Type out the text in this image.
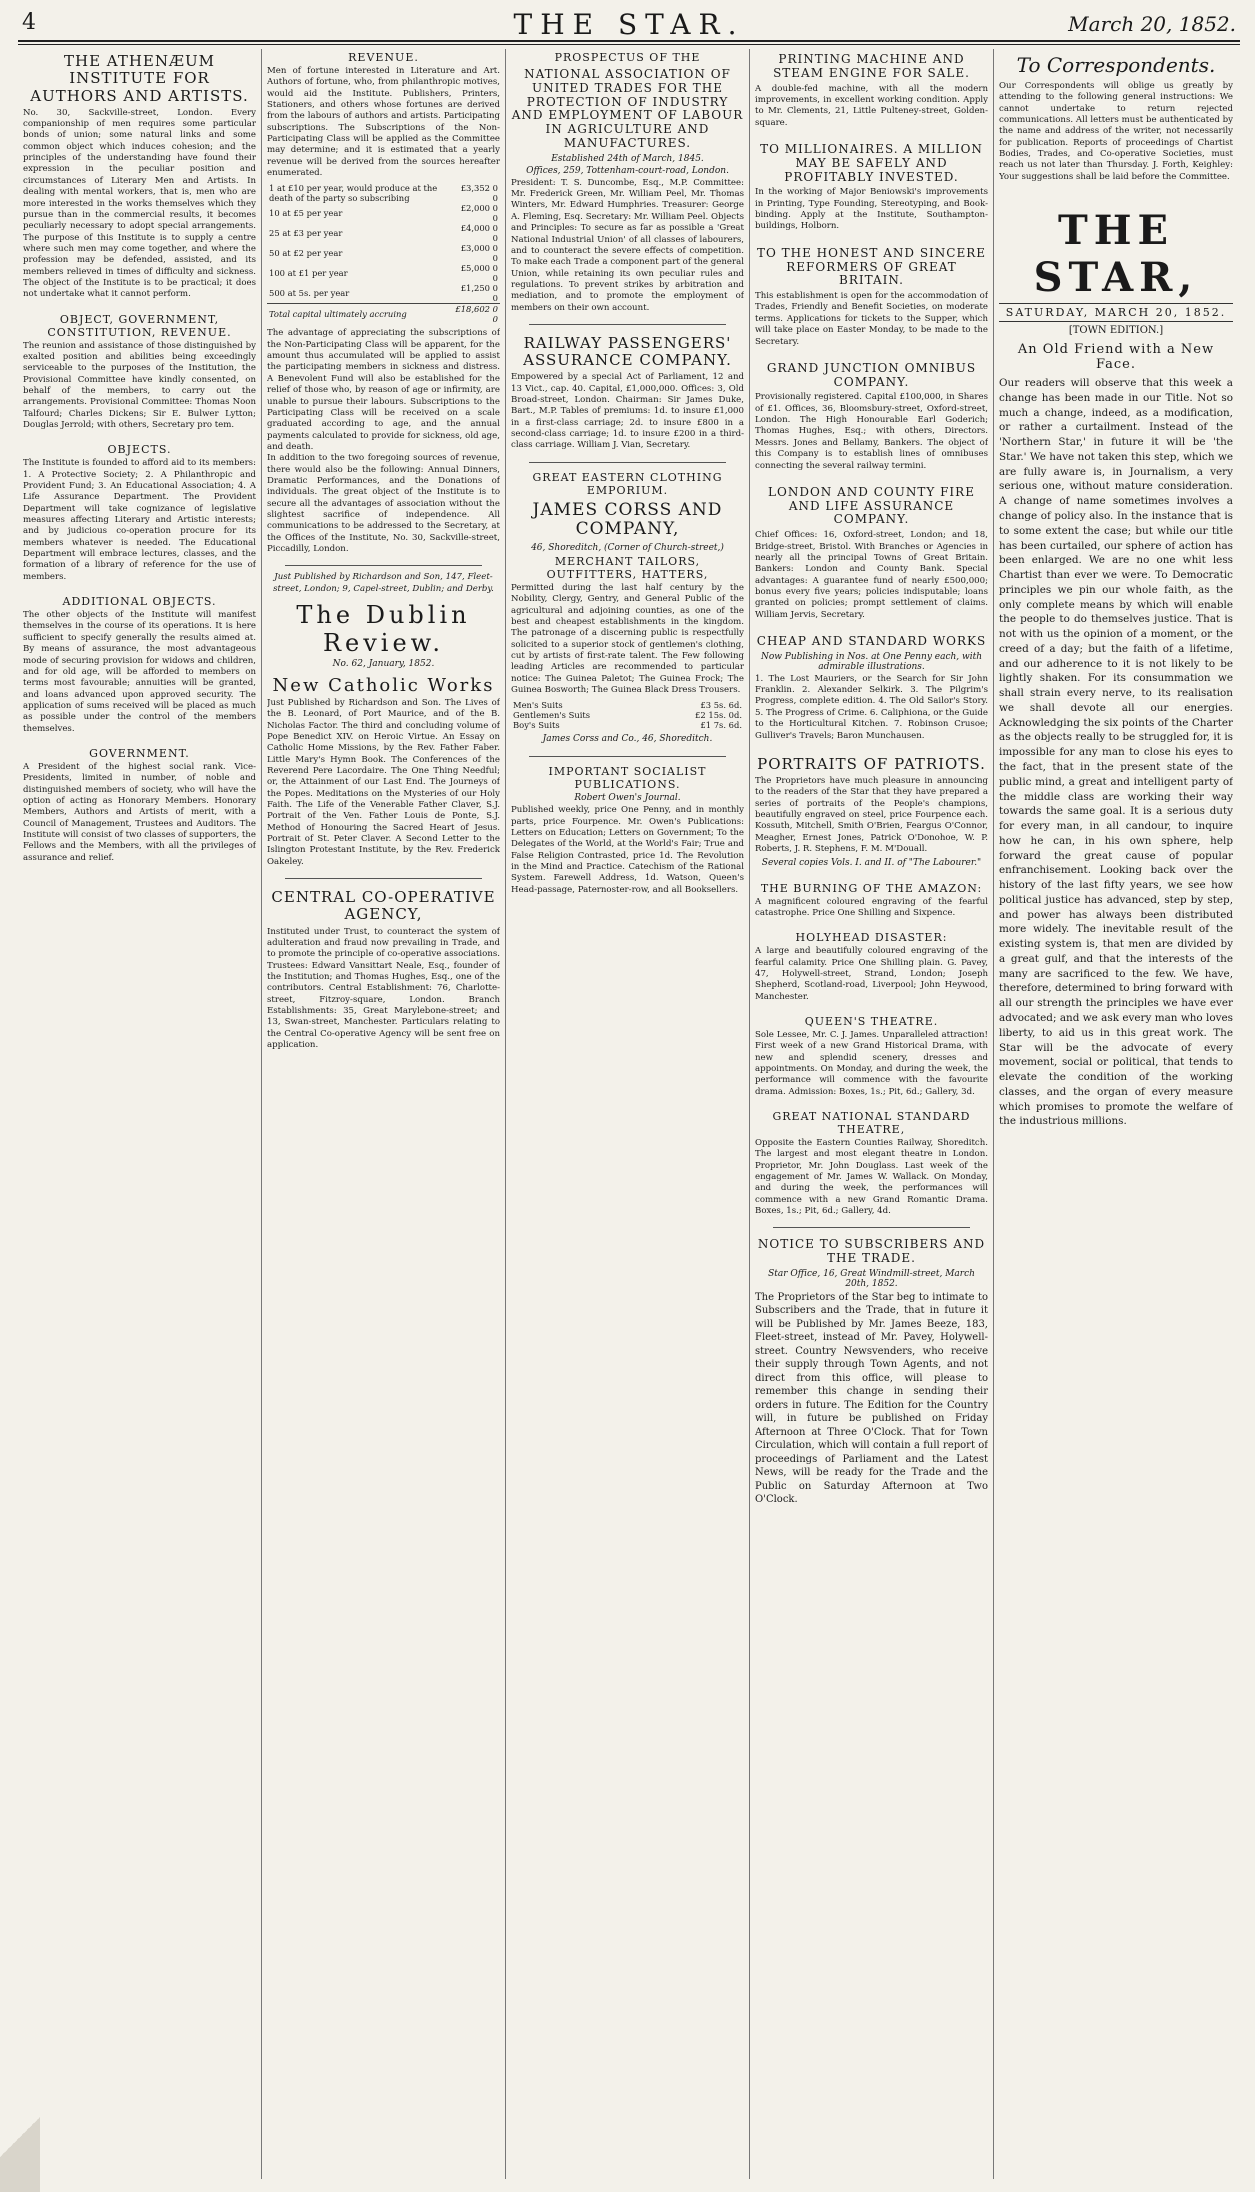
4	THE STAR.	March 20, 1852.
THE ATHENÆUM INSTITUTE FOR AUTHORS AND ARTISTS.

No. 30, Sackville-street, London. Every companionship of men requires some particular bonds of union; some natural links and some common object which induces cohesion; and the principles of the understanding have found their expression in the peculiar position and circumstances of Literary Men and Artists. In dealing with mental workers, that is, men who are more interested in the works themselves which they pursue than in the commercial results, it becomes peculiarly necessary to adopt special arrangements. The purpose of this Institute is to supply a centre where such men may come together, and where the profession may be defended, assisted, and its members relieved in times of difficulty and sickness. The object of the Institute is to be practical; it does not undertake what it cannot perform.

OBJECT, GOVERNMENT, CONSTITUTION, REVENUE.

The reunion and assistance of those distinguished by exalted position and abilities being exceedingly serviceable to the purposes of the Institution, the Provisional Committee have kindly consented, on behalf of the members, to carry out the arrangements. Provisional Committee: Thomas Noon Talfourd; Charles Dickens; Sir E. Bulwer Lytton; Douglas Jerrold; with others, Secretary pro tem.

OBJECTS.

The Institute is founded to afford aid to its members: 1. A Protective Society; 2. A Philanthropic and Provident Fund; 3. An Educational Association; 4. A Life Assurance Department. The Provident Department will take cognizance of legislative measures affecting Literary and Artistic interests; and by judicious co-operation procure for its members whatever is needed. The Educational Department will embrace lectures, classes, and the formation of a library of reference for the use of members.

ADDITIONAL OBJECTS.

The other objects of the Institute will manifest themselves in the course of its operations. It is here sufficient to specify generally the results aimed at. By means of assurance, the most advantageous mode of securing provision for widows and children, and for old age, will be afforded to members on terms most favourable; annuities will be granted, and loans advanced upon approved security. The application of sums received will be placed as much as possible under the control of the members themselves.

GOVERNMENT.

A President of the highest social rank. Vice-Presidents, limited in number, of noble and distinguished members of society, who will have the option of acting as Honorary Members. Honorary Members, Authors and Artists of merit, with a Council of Management, Trustees and Auditors. The Institute will consist of two classes of supporters, the Fellows and the Members, with all the privileges of assurance and relief.

REVENUE.

Men of fortune interested in Literature and Art. Authors of fortune, who, from philanthropic motives, would aid the Institute. Publishers, Printers, Stationers, and others whose fortunes are derived from the labours of authors and artists. Participating subscriptions. The Subscriptions of the Non-Participating Class will be applied as the Committee may determine; and it is estimated that a yearly revenue will be derived from the sources hereafter enumerated.

1 at £10 per year, would produce at the death of the party so subscribing	£3,352 0 0
10 at £5 per year	£2,000 0 0
25 at £3 per year	£4,000 0 0
50 at £2 per year	£3,000 0 0
100 at £1 per year	£5,000 0 0
500 at 5s. per year	£1,250 0 0
Total capital ultimately accruing	£18,602 0 0

The advantage of appreciating the subscriptions of the Non-Participating Class will be apparent, for the amount thus accumulated will be applied to assist the participating members in sickness and distress. A Benevolent Fund will also be established for the relief of those who, by reason of age or infirmity, are unable to pursue their labours. Subscriptions to the Participating Class will be received on a scale graduated according to age, and the annual payments calculated to provide for sickness, old age, and death.

In addition to the two foregoing sources of revenue, there would also be the following: Annual Dinners, Dramatic Performances, and the Donations of individuals. The great object of the Institute is to secure all the advantages of association without the slightest sacrifice of independence. All communications to be addressed to the Secretary, at the Offices of the Institute, No. 30, Sackville-street, Piccadilly, London.

Just Published by Richardson and Son, 147, Fleet-street, London; 9, Capel-street, Dublin; and Derby.

The Dublin Review.
No. 62, January, 1852.
New Catholic Works

Just Published by Richardson and Son. The Lives of the B. Leonard, of Port Maurice, and of the B. Nicholas Factor. The third and concluding volume of Pope Benedict XIV. on Heroic Virtue. An Essay on Catholic Home Missions, by the Rev. Father Faber. Little Mary's Hymn Book. The Conferences of the Reverend Pere Lacordaire. The One Thing Needful; or, the Attainment of our Last End. The Journeys of the Popes. Meditations on the Mysteries of our Holy Faith. The Life of the Venerable Father Claver, S.J. Portrait of the Ven. Father Louis de Ponte, S.J. Method of Honouring the Sacred Heart of Jesus. Portrait of St. Peter Claver. A Second Letter to the Islington Protestant Institute, by the Rev. Frederick Oakeley.

CENTRAL CO-OPERATIVE AGENCY,

Instituted under Trust, to counteract the system of adulteration and fraud now prevailing in Trade, and to promote the principle of co-operative associations. Trustees: Edward Vansittart Neale, Esq., founder of the Institution; and Thomas Hughes, Esq., one of the contributors. Central Establishment: 76, Charlotte-street, Fitzroy-square, London. Branch Establishments: 35, Great Marylebone-street; and 13, Swan-street, Manchester. Particulars relating to the Central Co-operative Agency will be sent free on application.

PROSPECTUS OF THE
NATIONAL ASSOCIATION OF UNITED TRADES FOR THE PROTECTION OF INDUSTRY AND EMPLOYMENT OF LABOUR IN AGRICULTURE AND MANUFACTURES.
Established 24th of March, 1845.
Offices, 259, Tottenham-court-road, London.

President: T. S. Duncombe, Esq., M.P. Committee: Mr. Frederick Green, Mr. William Peel, Mr. Thomas Winters, Mr. Edward Humphries. Treasurer: George A. Fleming, Esq. Secretary: Mr. William Peel. Objects and Principles: To secure as far as possible a 'Great National Industrial Union' of all classes of labourers, and to counteract the severe effects of competition. To make each Trade a component part of the general Union, while retaining its own peculiar rules and regulations. To prevent strikes by arbitration and mediation, and to promote the employment of members on their own account.

RAILWAY PASSENGERS' ASSURANCE COMPANY.

Empowered by a special Act of Parliament, 12 and 13 Vict., cap. 40. Capital, £1,000,000. Offices: 3, Old Broad-street, London. Chairman: Sir James Duke, Bart., M.P. Tables of premiums: 1d. to insure £1,000 in a first-class carriage; 2d. to insure £800 in a second-class carriage; 1d. to insure £200 in a third-class carriage. William J. Vian, Secretary.

GREAT EASTERN CLOTHING EMPORIUM.
JAMES CORSS AND COMPANY,
46, Shoreditch, (Corner of Church-street,)
MERCHANT TAILORS, OUTFITTERS, HATTERS,

Permitted during the last half century by the Nobility, Clergy, Gentry, and General Public of the agricultural and adjoining counties, as one of the best and cheapest establishments in the kingdom. The patronage of a discerning public is respectfully solicited to a superior stock of gentlemen's clothing, cut by artists of first-rate talent. The Few following leading Articles are recommended to particular notice: The Guinea Paletot; The Guinea Frock; The Guinea Bosworth; The Guinea Black Dress Trousers.

Men's Suits	£3 5s. 6d.
Gentlemen's Suits	£2 15s. 0d.
Boy's Suits	£1 7s. 6d.
James Corss and Co., 46, Shoreditch.
IMPORTANT SOCIALIST PUBLICATIONS.
Robert Owen's Journal.

Published weekly, price One Penny, and in monthly parts, price Fourpence. Mr. Owen's Publications: Letters on Education; Letters on Government; To the Delegates of the World, at the World's Fair; True and False Religion Contrasted, price 1d. The Revolution in the Mind and Practice. Catechism of the Rational System. Farewell Address, 1d. Watson, Queen's Head-passage, Paternoster-row, and all Booksellers.

PRINTING MACHINE AND STEAM ENGINE FOR SALE.

A double-fed machine, with all the modern improvements, in excellent working condition. Apply to Mr. Clements, 21, Little Pulteney-street, Golden-square.

TO MILLIONAIRES. A MILLION MAY BE SAFELY AND PROFITABLY INVESTED.

In the working of Major Beniowski's improvements in Printing, Type Founding, Stereotyping, and Book-binding. Apply at the Institute, Southampton-buildings, Holborn.

TO THE HONEST AND SINCERE REFORMERS OF GREAT BRITAIN.

This establishment is open for the accommodation of Trades, Friendly and Benefit Societies, on moderate terms. Applications for tickets to the Supper, which will take place on Easter Monday, to be made to the Secretary.

GRAND JUNCTION OMNIBUS COMPANY.

Provisionally registered. Capital £100,000, in Shares of £1. Offices, 36, Bloomsbury-street, Oxford-street, London. The High Honourable Earl Goderich; Thomas Hughes, Esq.; with others, Directors. Messrs. Jones and Bellamy, Bankers. The object of this Company is to establish lines of omnibuses connecting the several railway termini.

LONDON AND COUNTY FIRE AND LIFE ASSURANCE COMPANY.

Chief Offices: 16, Oxford-street, London; and 18, Bridge-street, Bristol. With Branches or Agencies in nearly all the principal Towns of Great Britain. Bankers: London and County Bank. Special advantages: A guarantee fund of nearly £500,000; bonus every five years; policies indisputable; loans granted on policies; prompt settlement of claims. William Jervis, Secretary.

CHEAP AND STANDARD WORKS
Now Publishing in Nos. at One Penny each, with admirable illustrations.

1. The Lost Mauriers, or the Search for Sir John Franklin. 2. Alexander Selkirk. 3. The Pilgrim's Progress, complete edition. 4. The Old Sailor's Story. 5. The Progress of Crime. 6. Caliphiona, or the Guide to the Horticultural Kitchen. 7. Robinson Crusoe; Gulliver's Travels; Baron Munchausen.

PORTRAITS OF PATRIOTS.

The Proprietors have much pleasure in announcing to the readers of the Star that they have prepared a series of portraits of the People's champions, beautifully engraved on steel, price Fourpence each. Kossuth, Mitchell, Smith O'Brien, Feargus O'Connor, Meagher, Ernest Jones, Patrick O'Donohoe, W. P. Roberts, J. R. Stephens, F. M. M'Douall.

Several copies Vols. I. and II. of "The Labourer."
THE BURNING OF THE AMAZON:

A magnificent coloured engraving of the fearful catastrophe. Price One Shilling and Sixpence.

HOLYHEAD DISASTER:

A large and beautifully coloured engraving of the fearful calamity. Price One Shilling plain. G. Pavey, 47, Holywell-street, Strand, London; Joseph Shepherd, Scotland-road, Liverpool; John Heywood, Manchester.

QUEEN'S THEATRE.

Sole Lessee, Mr. C. J. James. Unparalleled attraction! First week of a new Grand Historical Drama, with new and splendid scenery, dresses and appointments. On Monday, and during the week, the performance will commence with the favourite drama. Admission: Boxes, 1s.; Pit, 6d.; Gallery, 3d.

GREAT NATIONAL STANDARD THEATRE,

Opposite the Eastern Counties Railway, Shoreditch. The largest and most elegant theatre in London. Proprietor, Mr. John Douglass. Last week of the engagement of Mr. James W. Wallack. On Monday, and during the week, the performances will commence with a new Grand Romantic Drama. Boxes, 1s.; Pit, 6d.; Gallery, 4d.

NOTICE TO SUBSCRIBERS AND THE TRADE.
Star Office, 16, Great Windmill-street, March 20th, 1852.

The Proprietors of the Star beg to intimate to Subscribers and the Trade, that in future it will be Published by Mr. James Beeze, 183, Fleet-street, instead of Mr. Pavey, Holywell-street. Country Newsvenders, who receive their supply through Town Agents, and not direct from this office, will please to remember this change in sending their orders in future. The Edition for the Country will, in future be published on Friday Afternoon at Three O'Clock. That for Town Circulation, which will contain a full report of proceedings of Parliament and the Latest News, will be ready for the Trade and the Public on Saturday Afternoon at Two O'Clock.

To Correspondents.

Our Correspondents will oblige us greatly by attending to the following general instructions: We cannot undertake to return rejected communications. All letters must be authenticated by the name and address of the writer, not necessarily for publication. Reports of proceedings of Chartist Bodies, Trades, and Co-operative Societies, must reach us not later than Thursday. J. Forth, Keighley: Your suggestions shall be laid before the Committee.

THE STAR,
SATURDAY, MARCH 20, 1852.
[TOWN EDITION.]
An Old Friend with a New Face.

Our readers will observe that this week a change has been made in our Title. Not so much a change, indeed, as a modification, or rather a curtailment. Instead of the 'Northern Star,' in future it will be 'the Star.' We have not taken this step, which we are fully aware is, in Journalism, a very serious one, without mature consideration. A change of name sometimes involves a change of policy also. In the instance that is to some extent the case; but while our title has been curtailed, our sphere of action has been enlarged. We are no one whit less Chartist than ever we were. To Democratic principles we pin our whole faith, as the only complete means by which will enable the people to do themselves justice. That is not with us the opinion of a moment, or the creed of a day; but the faith of a lifetime, and our adherence to it is not likely to be lightly shaken. For its consummation we shall strain every nerve, to its realisation we shall devote all our energies. Acknowledging the six points of the Charter as the objects really to be struggled for, it is impossible for any man to close his eyes to the fact, that in the present state of the public mind, a great and intelligent party of the middle class are working their way towards the same goal. It is a serious duty for every man, in all candour, to inquire how he can, in his own sphere, help forward the great cause of popular enfranchisement. Looking back over the history of the last fifty years, we see how political justice has advanced, step by step, and power has always been distributed more widely. The inevitable result of the existing system is, that men are divided by a great gulf, and that the interests of the many are sacrificed to the few. We have, therefore, determined to bring forward with all our strength the principles we have ever advocated; and we ask every man who loves liberty, to aid us in this great work. The Star will be the advocate of every movement, social or political, that tends to elevate the condition of the working classes, and the organ of every measure which promises to promote the welfare of the industrious millions.
